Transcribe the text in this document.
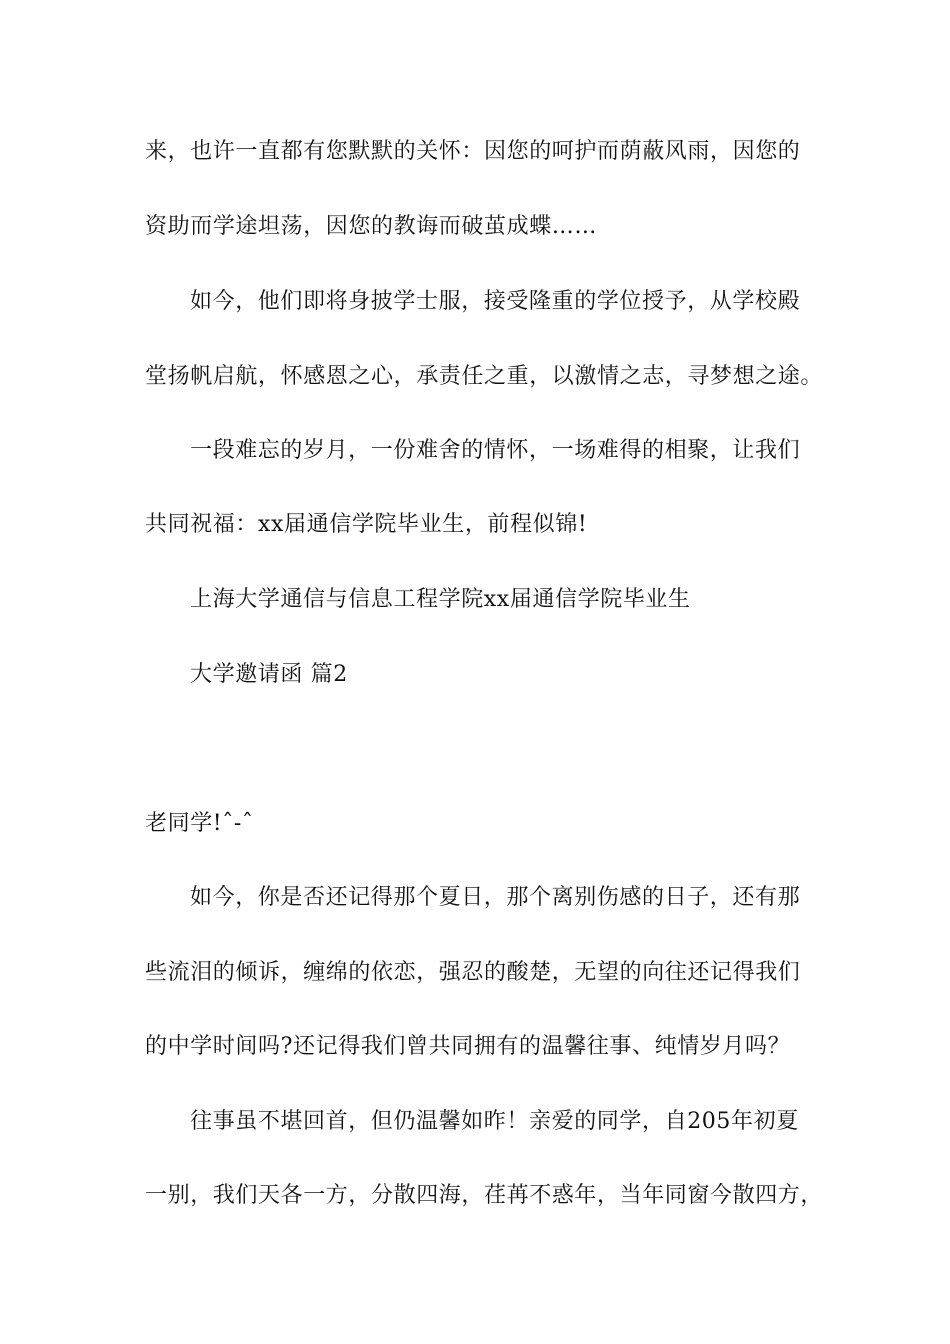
来，也许一直都有您默默的关怀：因您的呵护而荫蔽风雨，因您的
资助而学途坦荡，因您的教诲而破茧成蝶……
如今，他们即将身披学士服，接受隆重的学位授予，从学校殿
堂扬帆启航，怀感恩之心，承责任之重，以激情之志，寻梦想之途。
一段难忘的岁月，一份难舍的情怀，一场难得的相聚，让我们
共同祝福：xx届通信学院毕业生，前程似锦!
上海大学通信与信息工程学院xx届通信学院毕业生
大学邀请函 篇2
老同学!ˆ-ˆ
如今，你是否还记得那个夏日，那个离别伤感的日子，还有那
些流泪的倾诉，缠绵的依恋，强忍的酸楚，无望的向往还记得我们
的中学时间吗?还记得我们曾共同拥有的温馨往事、纯情岁月吗？
往事虽不堪回首，但仍温馨如昨！亲爱的同学，自205年初夏
一别，我们天各一方，分散四海，荏苒不惑年，当年同窗今散四方，
